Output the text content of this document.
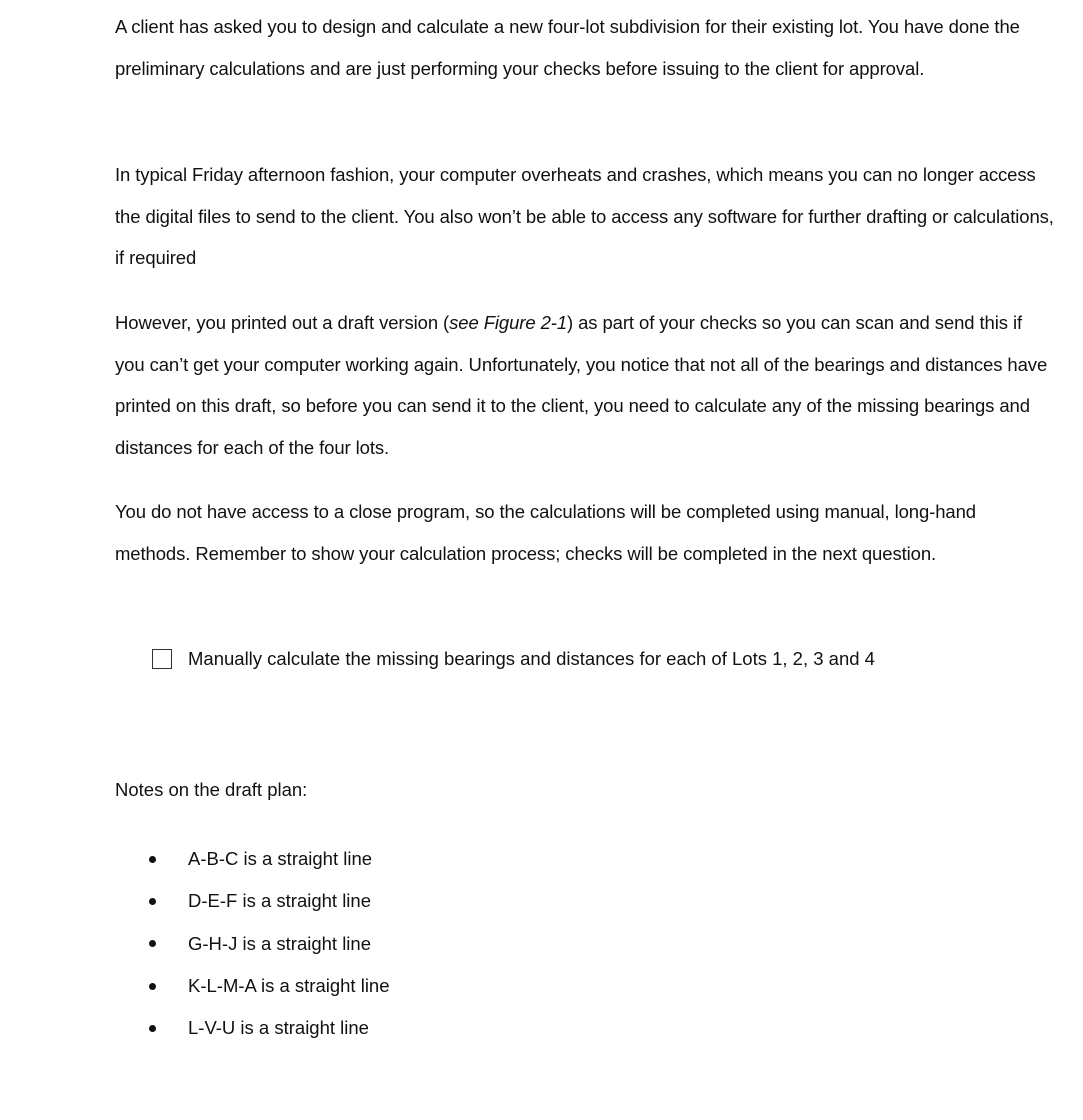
A client has asked you to design and calculate a new four-lot subdivision for their existing lot. You have done the preliminary calculations and are just performing your checks before issuing to the client for approval.

In typical Friday afternoon fashion, your computer overheats and crashes, which means you can no longer access the digital files to send to the client. You also won’t be able to access any software for further drafting or calculations, if required

However, you printed out a draft version (see Figure 2-1) as part of your checks so you can scan and send this if you can’t get your computer working again. Unfortunately, you notice that not all of the bearings and distances have printed on this draft, so before you can send it to the client, you need to calculate any of the missing bearings and distances for each of the four lots.

You do not have access to a close program, so the calculations will be completed using manual, long-hand methods. Remember to show your calculation process; checks will be completed in the next question.

Manually calculate the missing bearings and distances for each of Lots 1, 2, 3 and 4
Notes on the draft plan:
A-B-C is a straight line
D-E-F is a straight line
G-H-J is a straight line
K-L-M-A is a straight line
L-V-U is a straight line
